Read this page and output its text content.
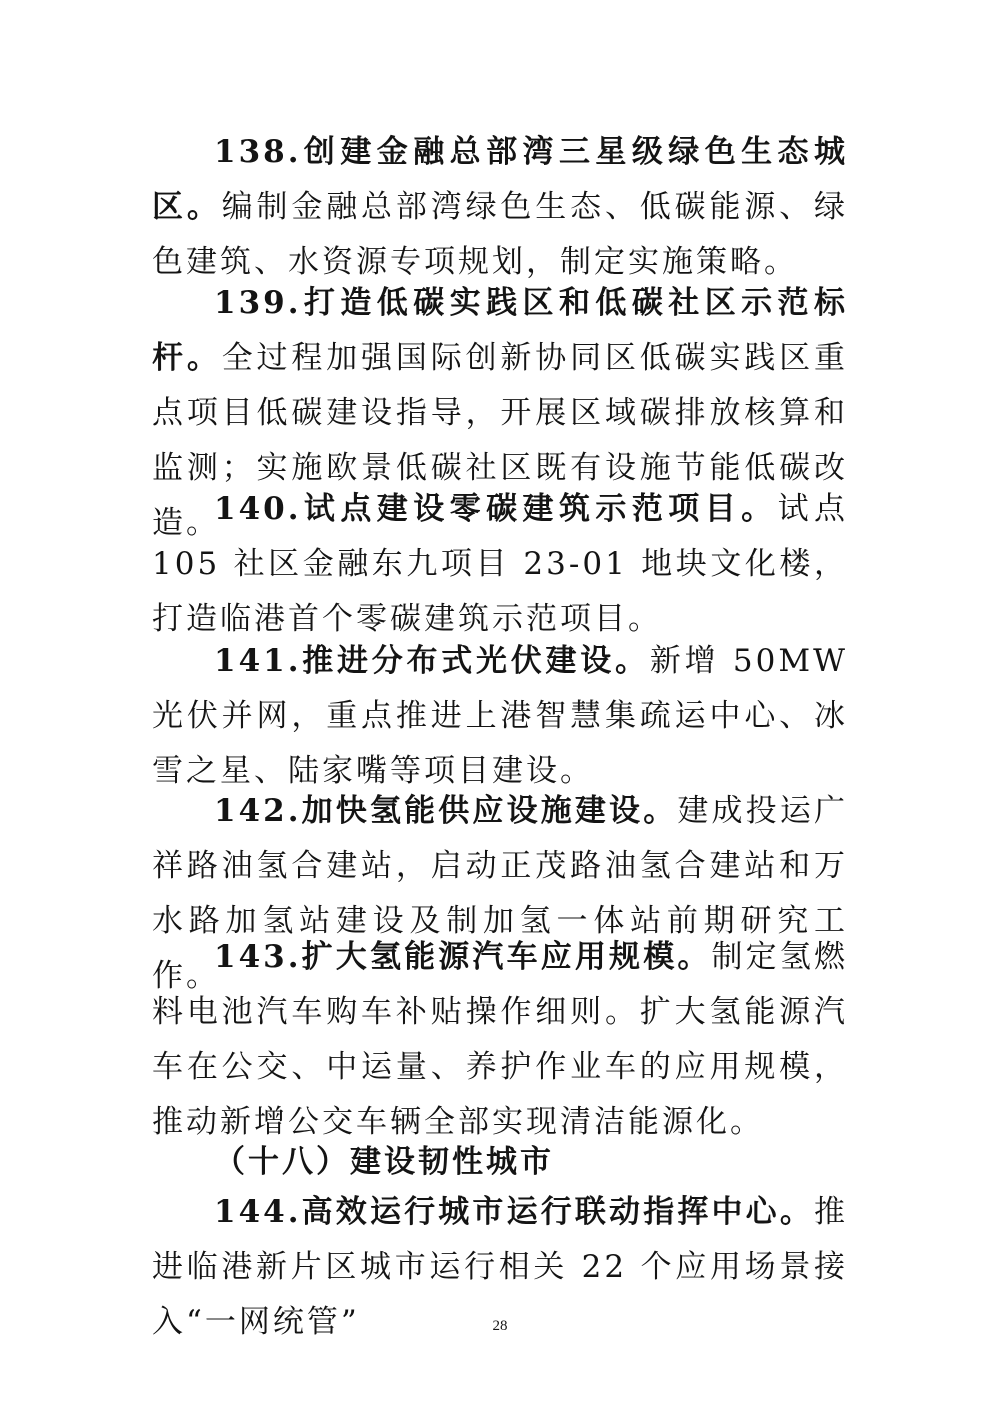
138.创建金融总部湾三星级绿色生态城区。编制金融总部湾绿色生态、低碳能源、绿色建筑、水资源专项规划，制定实施策略。

139.打造低碳实践区和低碳社区示范标杆。全过程加强国际创新协同区低碳实践区重点项目低碳建设指导，开展区域碳排放核算和监测；实施欧景低碳社区既有设施节能低碳改造。

140.试点建设零碳建筑示范项目。试点 105 社区金融东九项目 23-01 地块文化楼，打造临港首个零碳建筑示范项目。

141.推进分布式光伏建设。新增 50MW 光伏并网，重点推进上港智慧集疏运中心、冰雪之星、陆家嘴等项目建设。

142.加快氢能供应设施建设。建成投运广祥路油氢合建站，启动正茂路油氢合建站和万水路加氢站建设及制加氢一体站前期研究工作。

143.扩大氢能源汽车应用规模。制定氢燃料电池汽车购车补贴操作细则。扩大氢能源汽车在公交、中运量、养护作业车的应用规模，推动新增公交车辆全部实现清洁能源化。

（十八）建设韧性城市

144.高效运行城市运行联动指挥中心。推进临港新片区城市运行相关 22 个应用场景接入“一网统管”	28
